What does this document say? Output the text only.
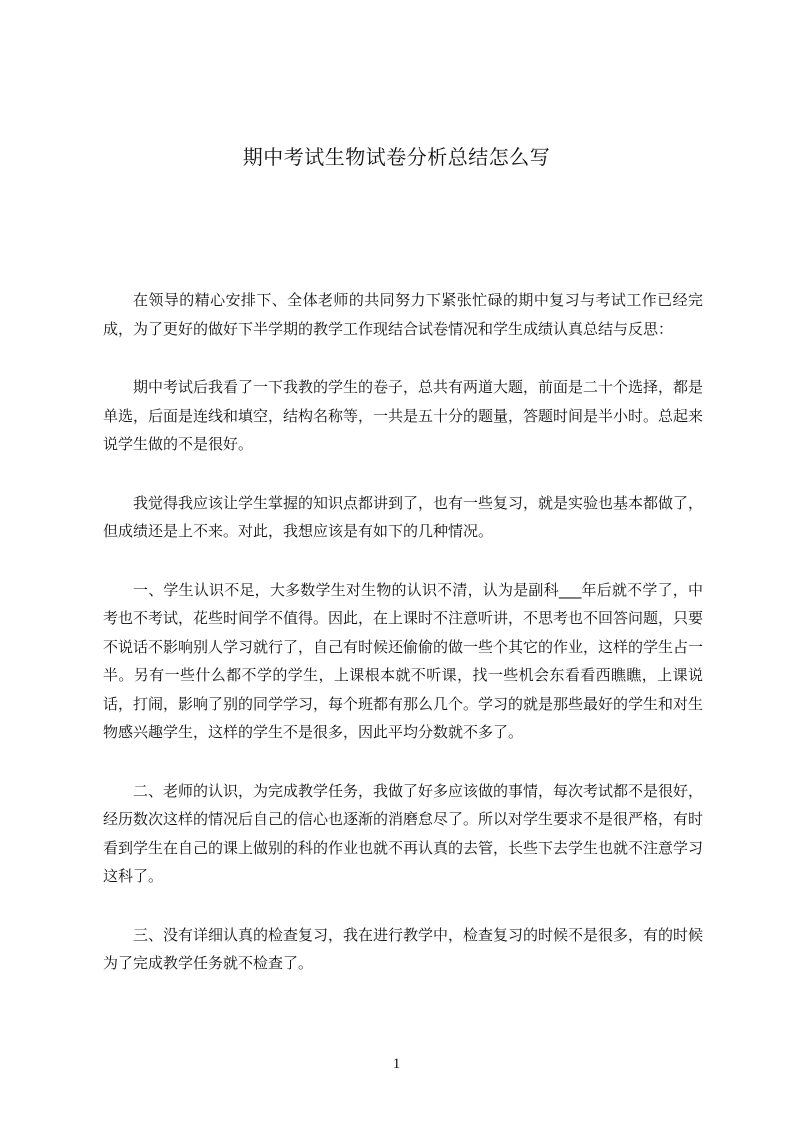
期中考试生物试卷分析总结怎么写

在领导的精心安排下、全体老师的共同努力下紧张忙碌的期中复习与考试工作已经完成，为了更好的做好下半学期的教学工作现结合试卷情况和学生成绩认真总结与反思：

期中考试后我看了一下我教的学生的卷子，总共有两道大题，前面是二十个选择，都是单选，后面是连线和填空，结构名称等，一共是五十分的题量，答题时间是半小时。总起来说学生做的不是很好。

我觉得我应该让学生掌握的知识点都讲到了，也有一些复习，就是实验也基本都做了，但成绩还是上不来。对此，我想应该是有如下的几种情况。

一、学生认识不足，大多数学生对生物的认识不清，认为是副科___年后就不学了，中考也不考试，花些时间学不值得。因此，在上课时不注意听讲，不思考也不回答问题，只要不说话不影响别人学习就行了，自己有时候还偷偷的做一些个其它的作业，这样的学生占一半。另有一些什么都不学的学生，上课根本就不听课，找一些机会东看看西瞧瞧，上课说话，打闹，影响了别的同学学习，每个班都有那么几个。学习的就是那些最好的学生和对生物感兴趣学生，这样的学生不是很多，因此平均分数就不多了。

二、老师的认识，为完成教学任务，我做了好多应该做的事情，每次考试都不是很好，经历数次这样的情况后自己的信心也逐渐的消磨怠尽了。所以对学生要求不是很严格，有时看到学生在自己的课上做别的科的作业也就不再认真的去管，长些下去学生也就不注意学习这科了。

三、没有详细认真的检查复习，我在进行教学中，检查复习的时候不是很多，有的时候为了完成教学任务就不检查了。

1
